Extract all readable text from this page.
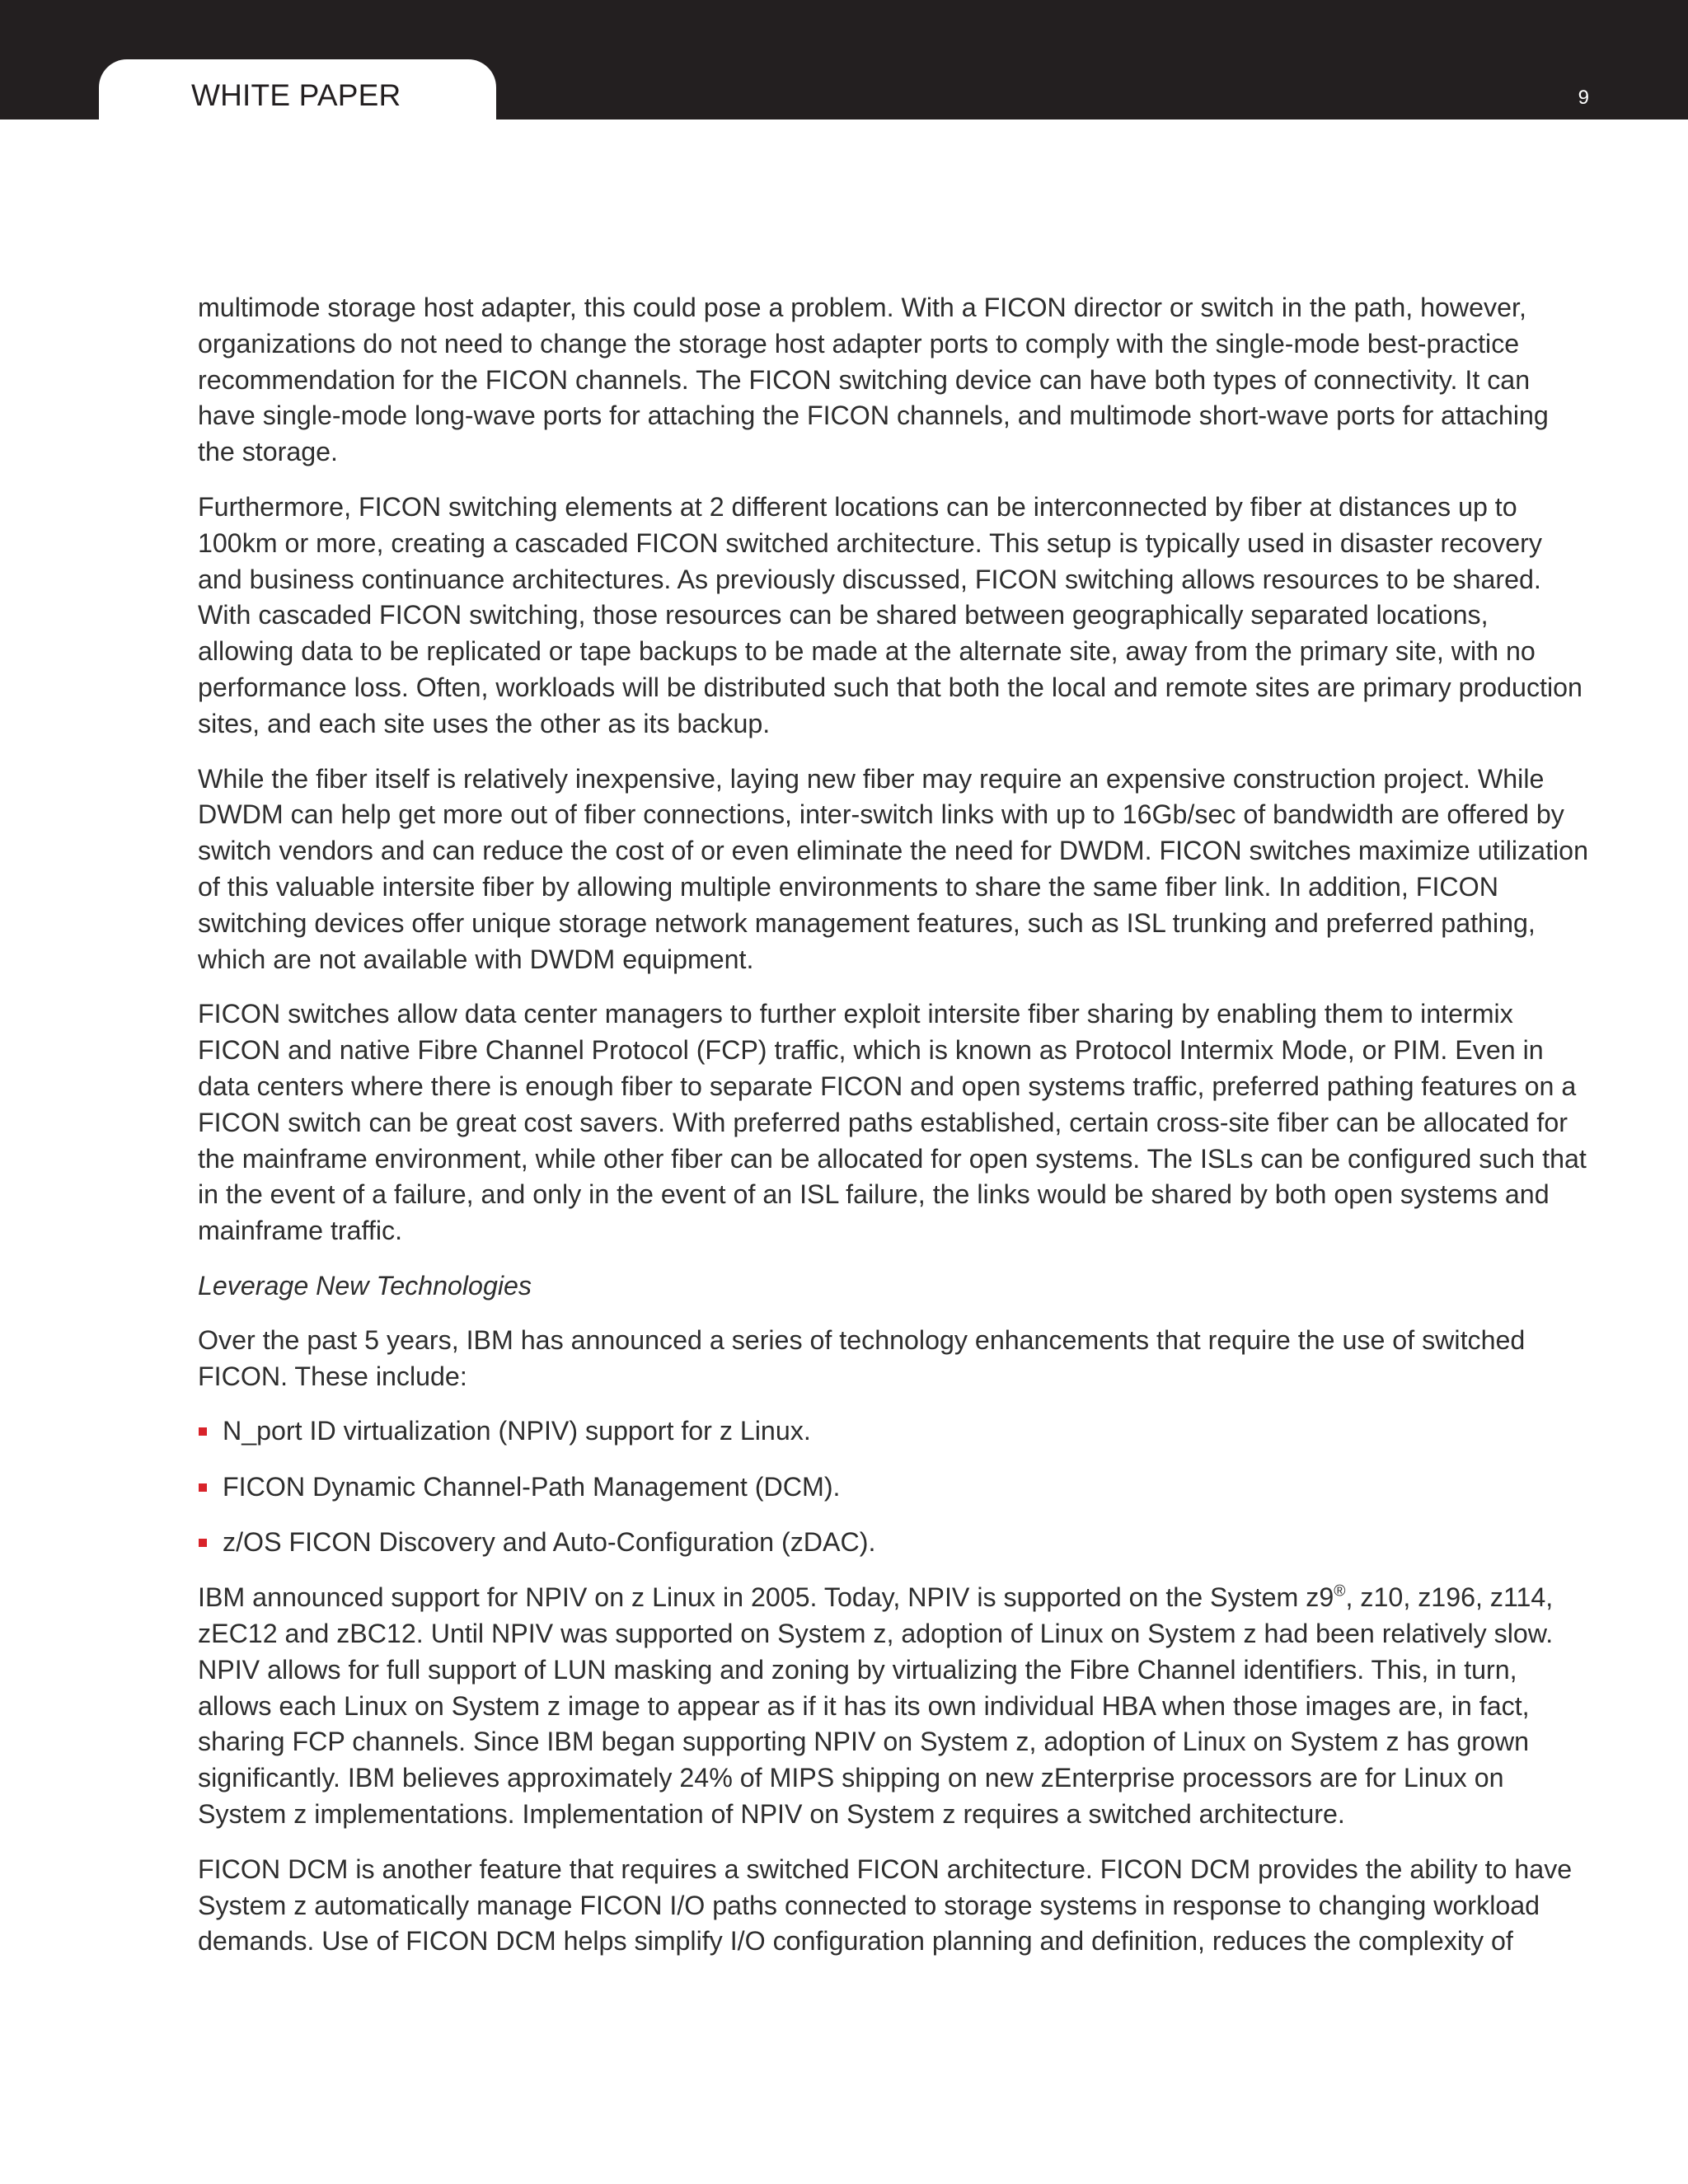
WHITE PAPER	9

multimode storage host adapter, this could pose a problem. With a FICON director or switch in the path, however, organizations do not need to change the storage host adapter ports to comply with the single-mode best-practice recommendation for the FICON channels. The FICON switching device can have both types of connectivity. It can have single-mode long-wave ports for attaching the FICON channels, and multimode short-wave ports for attaching the storage.

Furthermore, FICON switching elements at 2 different locations can be interconnected by fiber at distances up to 100km or more, creating a cascaded FICON switched architecture. This setup is typically used in disaster recovery and business continuance architectures. As previously discussed, FICON switching allows resources to be shared. With cascaded FICON switching, those resources can be shared between geographically separated locations, allowing data to be replicated or tape backups to be made at the alternate site, away from the primary site, with no performance loss. Often, workloads will be distributed such that both the local and remote sites are primary production sites, and each site uses the other as its backup.

While the fiber itself is relatively inexpensive, laying new fiber may require an expensive construction project. While DWDM can help get more out of fiber connections, inter-switch links with up to 16Gb/sec of bandwidth are offered by switch vendors and can reduce the cost of or even eliminate the need for DWDM. FICON switches maximize utilization of this valuable intersite fiber by allowing multiple environments to share the same fiber link. In addition, FICON switching devices offer unique storage network management features, such as ISL trunking and preferred pathing, which are not available with DWDM equipment.

FICON switches allow data center managers to further exploit intersite fiber sharing by enabling them to intermix FICON and native Fibre Channel Protocol (FCP) traffic, which is known as Protocol Intermix Mode, or PIM. Even in data centers where there is enough fiber to separate FICON and open systems traffic, preferred pathing features on a FICON switch can be great cost savers. With preferred paths established, certain cross-site fiber can be allocated for the mainframe environment, while other fiber can be allocated for open systems. The ISLs can be configured such that in the event of a failure, and only in the event of an ISL failure, the links would be shared by both open systems and mainframe traffic.

Leverage New Technologies

Over the past 5 years, IBM has announced a series of technology enhancements that require the use of switched FICON. These include:

N_port ID virtualization (NPIV) support for z Linux.
FICON Dynamic Channel-Path Management (DCM).
z/OS FICON Discovery and Auto-Configuration (zDAC).

IBM announced support for NPIV on z Linux in 2005. Today, NPIV is supported on the System z9®, z10, z196, z114, zEC12 and zBC12. Until NPIV was supported on System z, adoption of Linux on System z had been relatively slow. NPIV allows for full support of LUN masking and zoning by virtualizing the Fibre Channel identifiers. This, in turn, allows each Linux on System z image to appear as if it has its own individual HBA when those images are, in fact, sharing FCP channels. Since IBM began supporting NPIV on System z, adoption of Linux on System z has grown significantly. IBM believes approximately 24% of MIPS shipping on new zEnterprise processors are for Linux on System z implementations. Implementation of NPIV on System z requires a switched architecture.

FICON DCM is another feature that requires a switched FICON architecture. FICON DCM provides the ability to have System z automatically manage FICON I/O paths connected to storage systems in response to changing workload demands. Use of FICON DCM helps simplify I/O configuration planning and definition, reduces the complexity of
